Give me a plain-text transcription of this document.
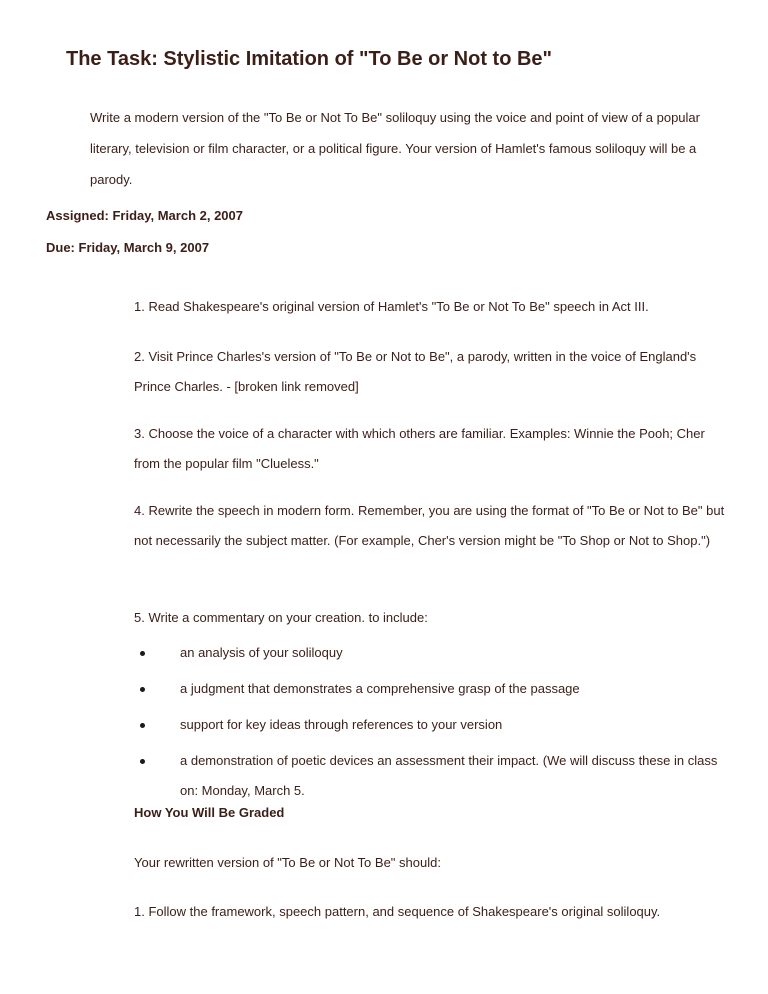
The Task: Stylistic Imitation of "To Be or Not to Be"

Write a modern version of the "To Be or Not To Be" soliloquy using the voice and point of view of a popular literary, television or film character, or a political figure. Your version of Hamlet's famous soliloquy will be a parody.

Assigned: Friday, March 2, 2007

Due: Friday, March 9, 2007

1. Read Shakespeare's original version of Hamlet's "To Be or Not To Be" speech in Act III.

2. Visit Prince Charles's version of "To Be or Not to Be", a parody, written in the voice of England's Prince Charles. - [broken link removed]

3. Choose the voice of a character with which others are familiar. Examples: Winnie the Pooh; Cher from the popular film "Clueless."

4. Rewrite the speech in modern form. Remember, you are using the format of "To Be or Not to Be" but not necessarily the subject matter. (For example, Cher's version might be "To Shop or Not to Shop.")

5. Write a commentary on your creation. to include:

an analysis of your soliloquy
a judgment that demonstrates a comprehensive grasp of the passage
support for key ideas through references to your version
a demonstration of poetic devices an assessment their impact. (We will discuss these in class on: Monday, March 5.

How You Will Be Graded

Your rewritten version of "To Be or Not To Be" should:

1. Follow the framework, speech pattern, and sequence of Shakespeare's original soliloquy.
